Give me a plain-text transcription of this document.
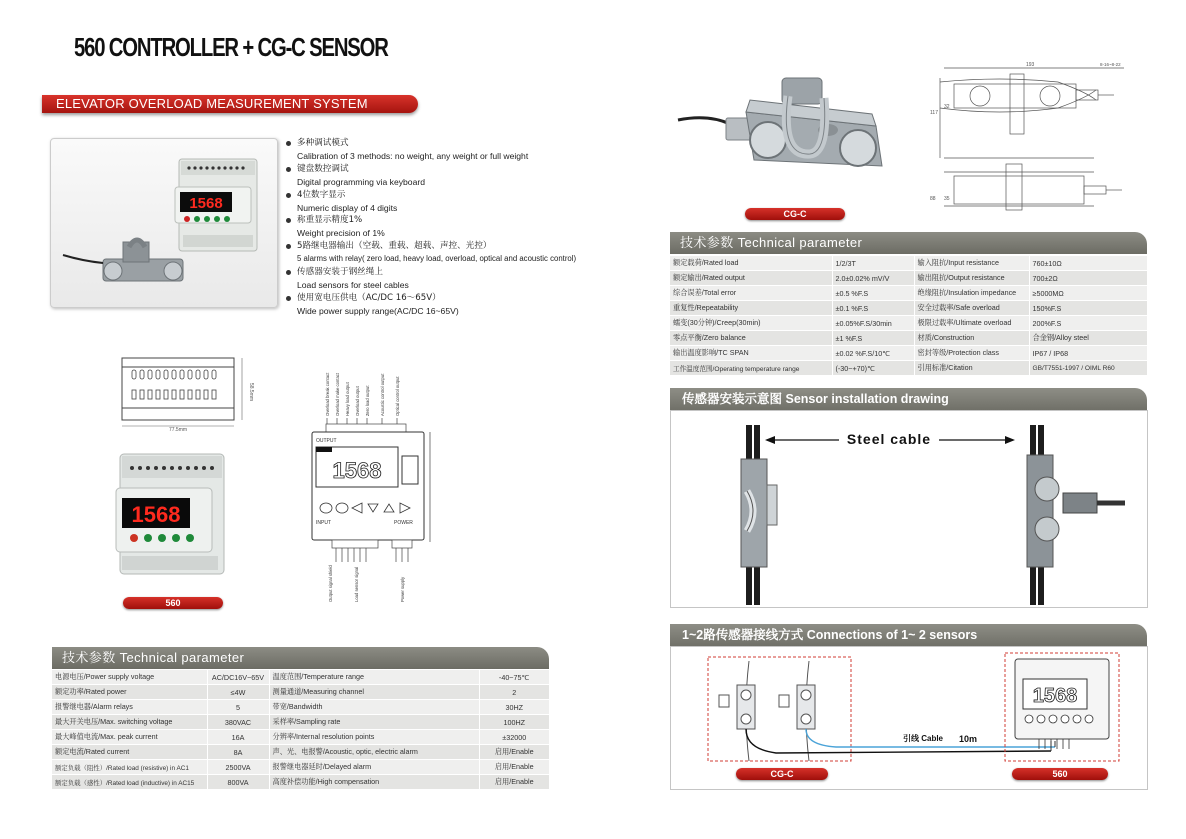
560 CONTROLLER + CG-C SENSOR
ELEVATOR OVERLOAD MEASUREMENT SYSTEM
1568
多种调试模式
Calibration of 3 methods: no weight, any weight or full weight
键盘数控调试
Digital programming via keyboard
4位数字显示
Numeric display of 4 digits
称重显示精度1%
Weight precision of 1%
5路继电器输出（空载、重载、超载、声控、光控）
5 alarms with relay( zero load, heavy load, overload, optical and acoustic control)
传感器安装于钢丝绳上
Load sensors for steel cables
使用宽电压供电（AC/DC 16～65V）
Wide power supply range(AC/DC 16~65V)
77.5mm
58.5mm
1568
560
Overload break contact Overload make contact Heavy load output Overload output Zero load output Acoustic control output Optical control output
OUTPUT
1568
INPUT	POWER
Output signal shield	Load sensor signal	Power supply
技术参数 Technical parameter
电源电压/Power supply voltage	AC/DC16V~65V	温度范围/Temperature range	-40~75℃
额定功率/Rated power	≤4W	测量通道/Measuring channel	2
报警继电器/Alarm relays	5	带宽/Bandwidth	30HZ
最大开关电压/Max. switching voltage	380VAC	采样率/Sampling rate	100HZ
最大峰值电流/Max. peak current	16A	分辨率/Internal resolution points	±32000
额定电流/Rated current	8A	声、光、电报警/Acoustic, optic, electric alarm	启用/Enable
额定负载（阻性）/Rated load (resistive) in AC1	2500VA	报警继电器延时/Delayed alarm	启用/Enable
额定负载（感性）/Rated load (inductive) in AC15	800VA	高度补偿功能/High compensation	启用/Enable
CG-C
193	8-16~8-22
117
32
88 35
技术参数 Technical parameter
额定载荷/Rated load	1/2/3T	输入阻抗/Input resistance	760±10Ω
额定输出/Rated output	2.0±0.02% mV/V	输出阻抗/Output resistance	700±2Ω
综合误差/Total error	±0.5 %F.S	绝缘阻抗/Insulation impedance	≥5000MΩ
重复性/Repeatability	±0.1 %F.S	安全过载率/Safe overload	150%F.S
蠕变(30分钟)/Creep(30min)	±0.05%F.S/30min	极限过载率/Ultimate overload	200%F.S
零点平衡/Zero balance	±1 %F.S	材质/Construction	合金钢/Alloy steel
输出温度影响/TC SPAN	±0.02 %F.S/10℃	密封等级/Protection class	IP67 / IP68
工作温度范围/Operating temperature range	(-30~+70)℃	引用标准/Citation	GB/T7551-1997 / OIML R60
传感器安装示意图 Sensor installation drawing
Steel cable
1~2路传感器接线方式 Connections of 1~ 2 sensors
引线 Cable 10m
1568
CG-C	560
